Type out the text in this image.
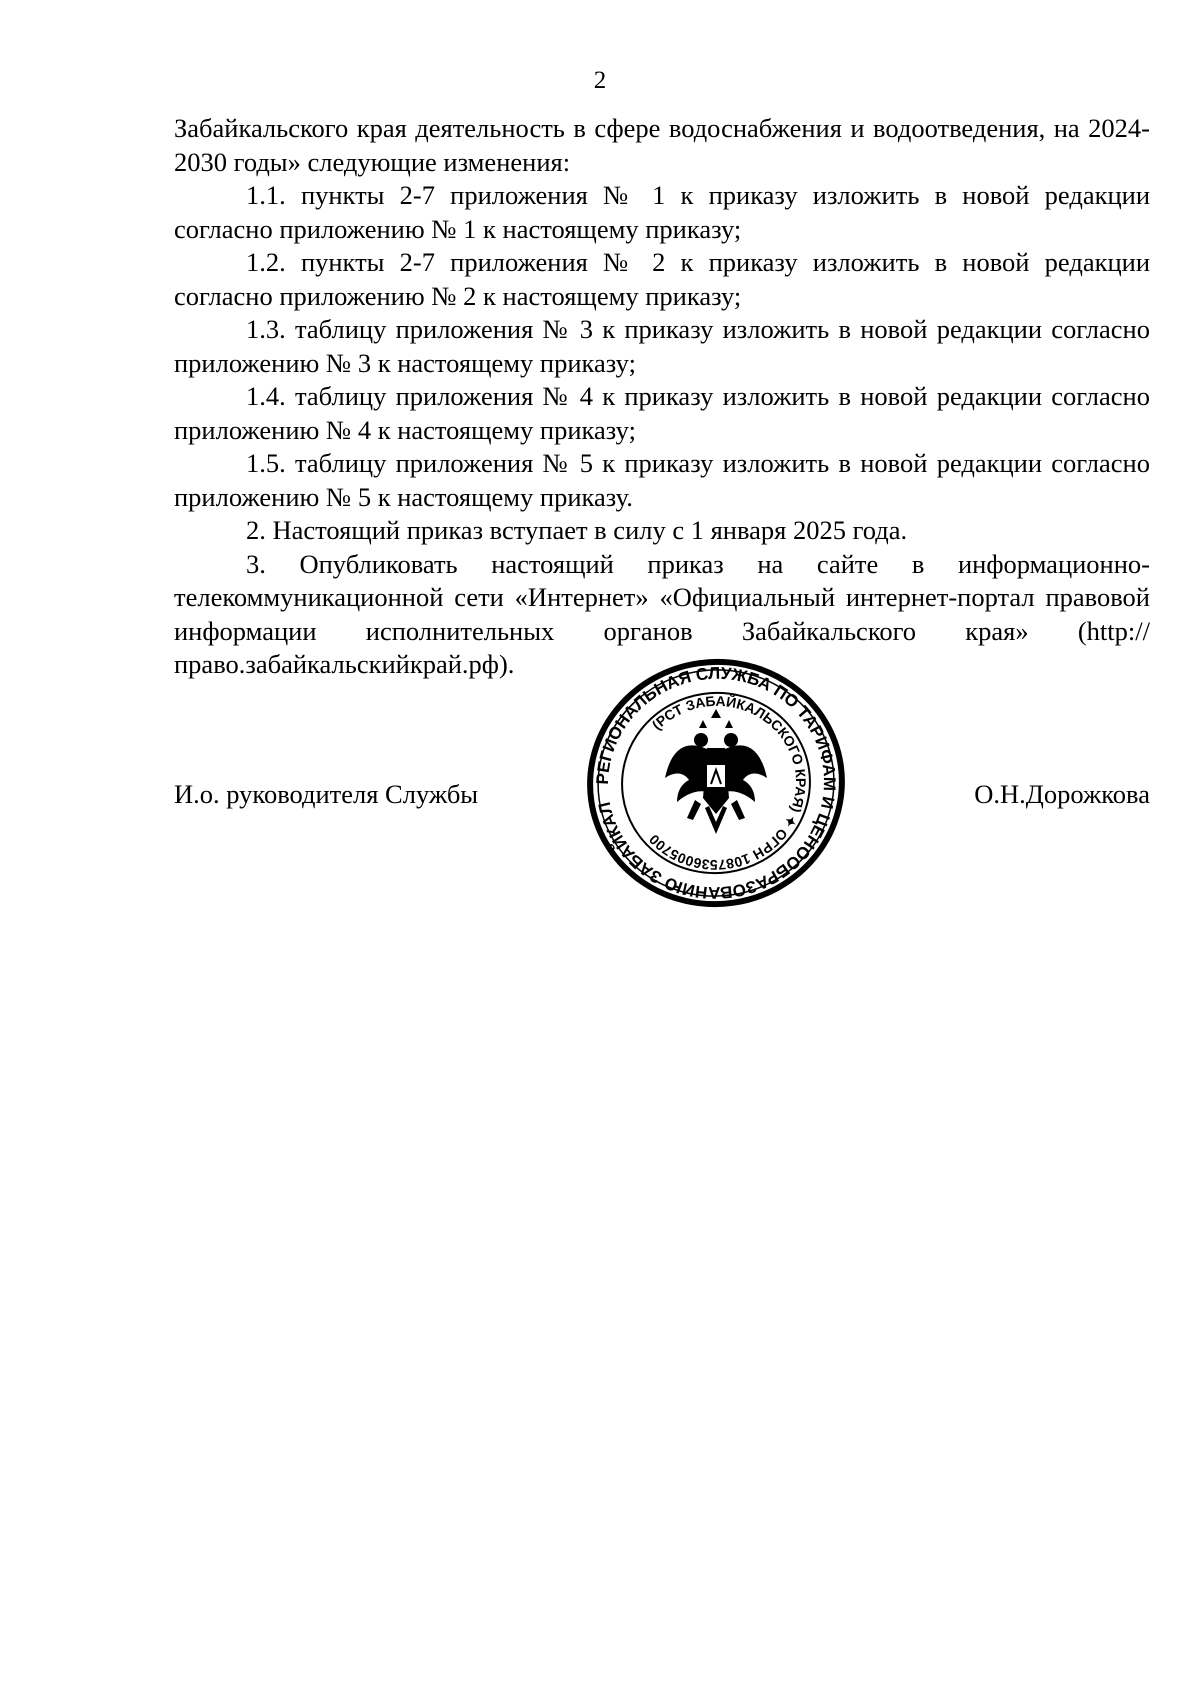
2

Забайкальского края деятельность в сфере водоснабжения и водоотведения, на 2024-2030 годы» следующие изменения:

1.1. пункты 2-7 приложения № 1 к приказу изложить в новой редакции согласно приложению № 1 к настоящему приказу;

1.2. пункты 2-7 приложения № 2 к приказу изложить в новой редакции согласно приложению № 2 к настоящему приказу;

1.3. таблицу приложения № 3 к приказу изложить в новой редакции согласно приложению № 3 к настоящему приказу;

1.4. таблицу приложения № 4 к приказу изложить в новой редакции согласно приложению № 4 к настоящему приказу;

1.5. таблицу приложения № 5 к приказу изложить в новой редакции согласно приложению № 5 к настоящему приказу.

2. Настоящий приказ вступает в силу с 1 января 2025 года.

3. Опубликовать настоящий приказ на сайте в информационно-телекоммуникационной сети «Интернет» «Официальный интернет-портал правовой информации исполнительных органов Забайкальского края» (http://право.забайкальскийкрай.рф).

И.о. руководителя Службы	О.Н.Дорожкова
РЕГИОНАЛЬНАЯ СЛУЖБА ПО ТАРИФАМ И ЦЕНООБРАЗОВАНИЮ ЗАБАЙКАЛЬСКОГО
(РСТ ЗАБАЙКАЛЬСКОГО КРАЯ) ✦ ОГРН 1087536005700
